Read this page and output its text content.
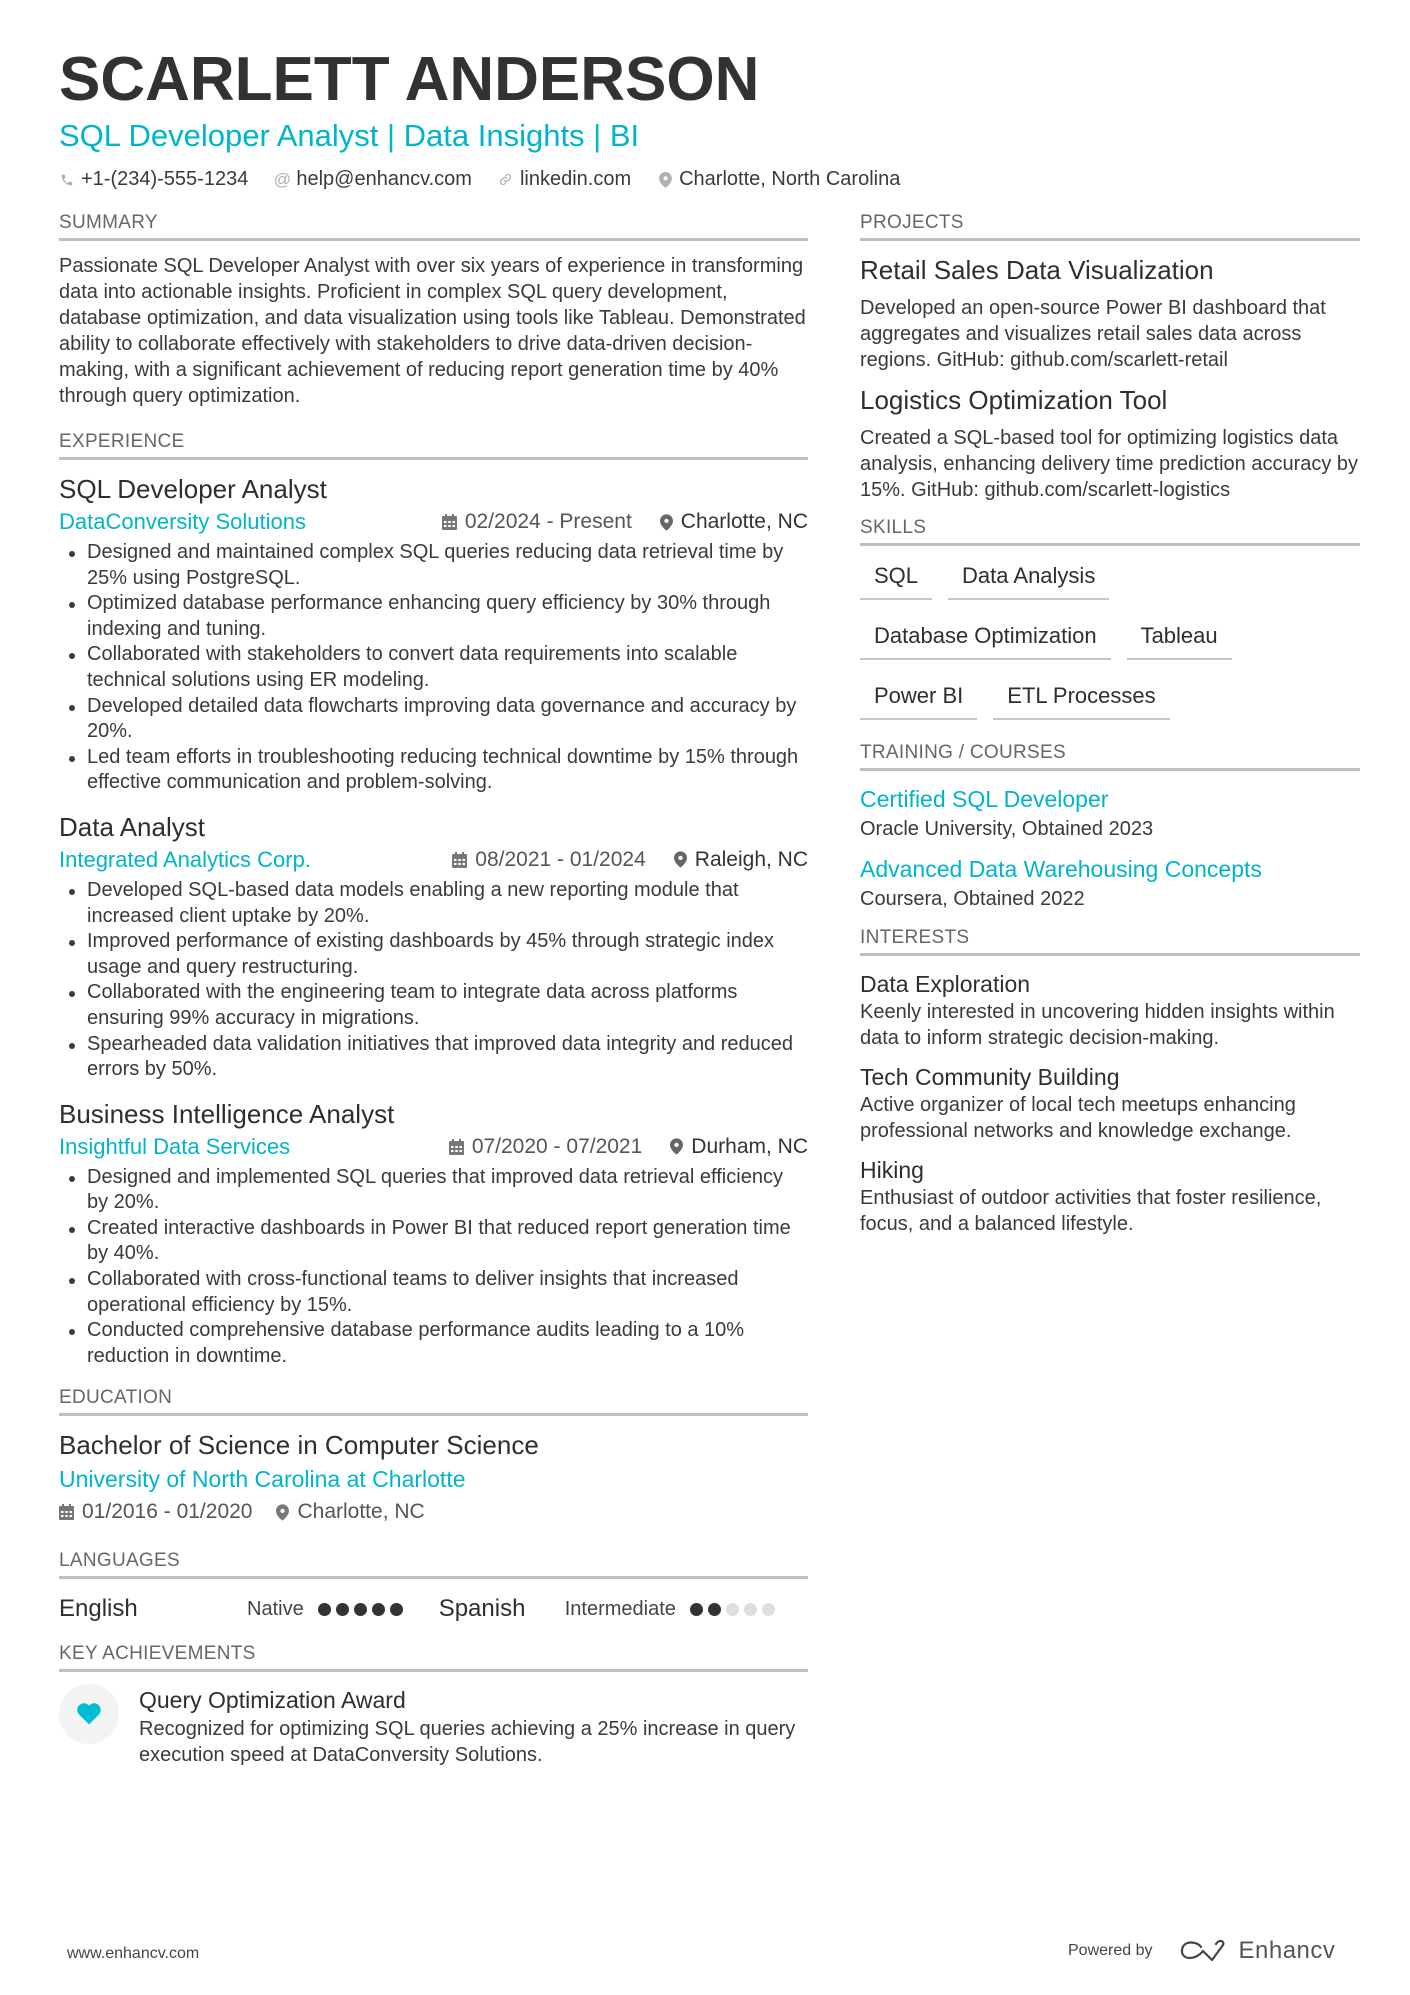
SCARLETT ANDERSON
SQL Developer Analyst | Data Insights | BI
+1-(234)-555-1234 @ help@enhancv.com linkedin.com Charlotte, North Carolina
SUMMARY
Passionate SQL Developer Analyst with over six years of experience in transforming data into actionable insights. Proficient in complex SQL query development, database optimization, and data visualization using tools like Tableau. Demonstrated ability to collaborate effectively with stakeholders to drive data-driven decision-making, with a significant achievement of reducing report generation time by 40% through query optimization.
EXPERIENCE
SQL Developer Analyst
DataConversity Solutions	02/2024 - Present Charlotte, NC
Designed and maintained complex SQL queries reducing data retrieval time by 25% using PostgreSQL.
Optimized database performance enhancing query efficiency by 30% through indexing and tuning.
Collaborated with stakeholders to convert data requirements into scalable technical solutions using ER modeling.
Developed detailed data flowcharts improving data governance and accuracy by 20%.
Led team efforts in troubleshooting reducing technical downtime by 15% through effective communication and problem-solving.
Data Analyst
Integrated Analytics Corp.	08/2021 - 01/2024 Raleigh, NC
Developed SQL-based data models enabling a new reporting module that increased client uptake by 20%.
Improved performance of existing dashboards by 45% through strategic index usage and query restructuring.
Collaborated with the engineering team to integrate data across platforms ensuring 99% accuracy in migrations.
Spearheaded data validation initiatives that improved data integrity and reduced errors by 50%.
Business Intelligence Analyst
Insightful Data Services	07/2020 - 07/2021 Durham, NC
Designed and implemented SQL queries that improved data retrieval efficiency by 20%.
Created interactive dashboards in Power BI that reduced report generation time by 40%.
Collaborated with cross-functional teams to deliver insights that increased operational efficiency by 15%.
Conducted comprehensive database performance audits leading to a 10% reduction in downtime.
EDUCATION
Bachelor of Science in Computer Science
University of North Carolina at Charlotte
01/2016 - 01/2020 Charlotte, NC
LANGUAGES
English	Native	Spanish	Intermediate
KEY ACHIEVEMENTS
Query Optimization Award
Recognized for optimizing SQL queries achieving a 25% increase in query execution speed at DataConversity Solutions.
PROJECTS
Retail Sales Data Visualization
Developed an open-source Power BI dashboard that aggregates and visualizes retail sales data across regions. GitHub: github.com/scarlett-retail
Logistics Optimization Tool
Created a SQL-based tool for optimizing logistics data analysis, enhancing delivery time prediction accuracy by 15%. GitHub: github.com/scarlett-logistics
SKILLS
SQL	Data Analysis
Database Optimization	Tableau
Power BI	ETL Processes
TRAINING / COURSES
Certified SQL Developer
Oracle University, Obtained 2023
Advanced Data Warehousing Concepts
Coursera, Obtained 2022
INTERESTS
Data Exploration
Keenly interested in uncovering hidden insights within data to inform strategic decision-making.
Tech Community Building
Active organizer of local tech meetups enhancing professional networks and knowledge exchange.
Hiking
Enthusiast of outdoor activities that foster resilience, focus, and a balanced lifestyle.
www.enhancv.com	Powered by	Enhancv
